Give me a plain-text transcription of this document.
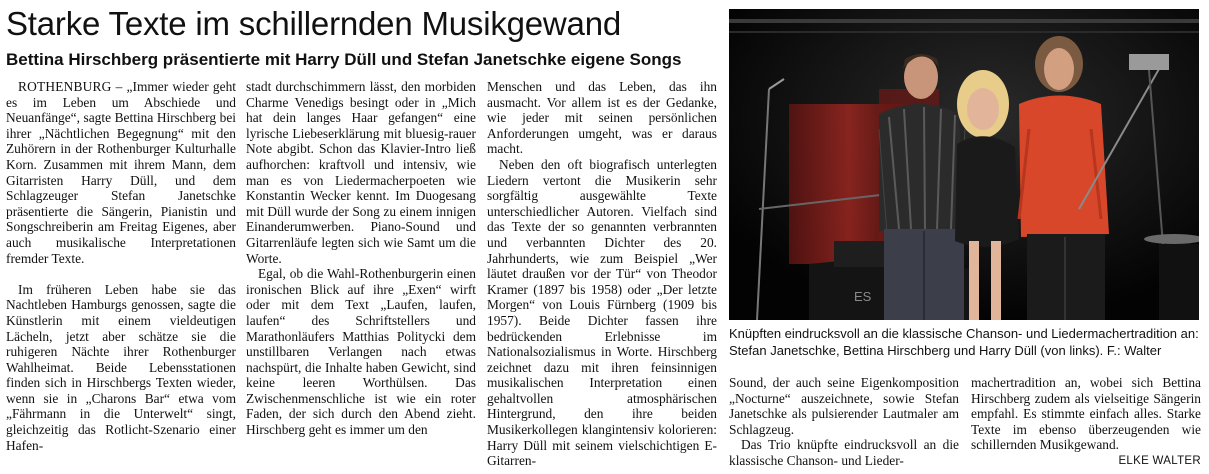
Starke Texte im schillernden Musikgewand
Bettina Hirschberg präsentierte mit Harry Düll und Stefan Janetschke eigene Songs

ROTHENBURG – „Immer wieder geht es im Leben um Abschiede und Neuanfänge“, sagte Bettina Hirschberg bei ihrer „Nächtlichen Begegnung“ mit den Zuhörern in der Rothenburger Kulturhalle Korn. Zusammen mit ihrem Mann, dem Gitarristen Harry Düll, und dem Schlagzeuger Stefan Janetschke präsentierte die Sängerin, Pianistin und Songschreiberin am Freitag Eigenes, aber auch musikalische Interpretationen fremder Texte.

Im früheren Leben habe sie das Nachtleben Hamburgs genossen, sagte die Künstlerin mit einem vieldeutigen Lächeln, jetzt aber schätze sie die ruhigeren Nächte ihrer Rothenburger Wahlheimat. Beide Lebensstationen finden sich in Hirschbergs Texten wieder, wenn sie in „Charons Bar“ etwa vom „Fährmann in die Unterwelt“ singt, gleichzeitig das Rotlicht-Szenario einer Hafen-

stadt durchschimmern lässt, den morbiden Charme Venedigs besingt oder in „Mich hat dein langes Haar gefangen“ eine lyrische Liebeserklärung mit bluesig-rauer Note abgibt. Schon das Klavier-Intro ließ aufhorchen: kraftvoll und intensiv, wie man es von Liedermacherpoeten wie Konstantin Wecker kennt. Im Duogesang mit Düll wurde der Song zu einem innigen Einanderumwerben. Piano-Sound und Gitarrenläufe legten sich wie Samt um die Worte.

Egal, ob die Wahl-Rothenburgerin einen ironischen Blick auf ihre „Exen“ wirft oder mit dem Text „Laufen, laufen, laufen“ des Schriftstellers und Marathonläufers Matthias Politycki dem unstillbaren Verlangen nach etwas nachspürt, die Inhalte haben Gewicht, sind keine leeren Worthülsen. Das Zwischenmenschliche ist wie ein roter Faden, der sich durch den Abend zieht. Hirschberg geht es immer um den

Menschen und das Leben, das ihn ausmacht. Vor allem ist es der Gedanke, wie jeder mit seinen persönlichen Anforderungen umgeht, was er daraus macht.

Neben den oft biografisch unterlegten Liedern vertont die Musikerin sehr sorgfältig ausgewählte Texte unterschiedlicher Autoren. Vielfach sind das Texte der so genannten verbrannten und verbannten Dichter des 20. Jahrhunderts, wie zum Beispiel „Wer läutet draußen vor der Tür“ von Theodor Kramer (1897 bis 1958) oder „Der letzte Morgen“ von Louis Fürnberg (1909 bis 1957). Beide Dichter fassen ihre bedrückenden Erlebnisse im Nationalsozialismus in Worte. Hirschberg zeichnet dazu mit ihren feinsinnigen musikalischen Interpretation einen gehaltvollen atmosphärischen Hintergrund, den ihre beiden Musikerkollegen klangintensiv kolorieren: Harry Düll mit seinem vielschichtigen E-Gitarren-

ES

Knüpften eindrucksvoll an die klassische Chanson- und Liedermachertradition an: Stefan Janetschke, Bettina Hirschberg und Harry Düll (von links). F.: Walter

Sound, der auch seine Eigenkomposition „Nocturne“ auszeichnete, sowie Stefan Janetschke als pulsierender Lautmaler am Schlagzeug.

Das Trio knüpfte eindrucksvoll an die klassische Chanson- und Lieder-

machertradition an, wobei sich Bettina Hirschberg zudem als vielseitige Sängerin empfahl. Es stimmte einfach alles. Starke Texte im ebenso überzeugenden wie schillernden Musikgewand.
ELKE WALTER
